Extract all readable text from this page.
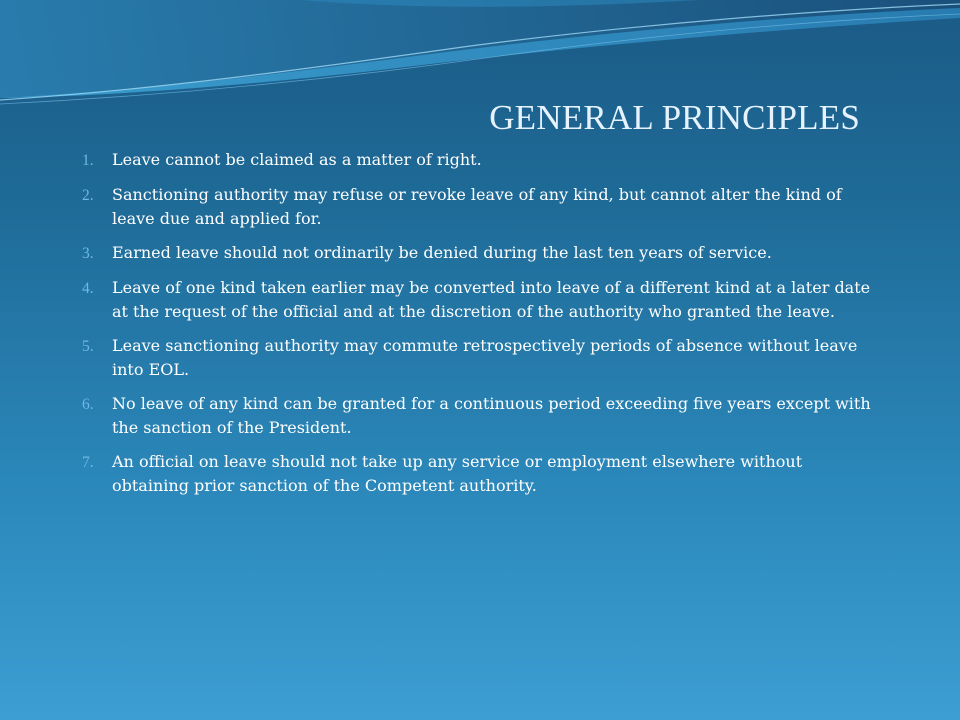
GENERAL PRINCIPLES
1.	Leave cannot be claimed as a matter of right.
2.	Sanctioning authority may refuse or revoke leave of any kind, but cannot alter the kind of leave due and applied for.
3.	Earned leave should not ordinarily be denied during the last ten years of service.
4.	Leave of one kind taken earlier may be converted into leave of a different kind at a later date at the request of the official and at the discretion of the authority who granted the leave.
5.	Leave sanctioning authority may commute retrospectively periods of absence without leave into EOL.
6.	No leave of any kind can be granted for a continuous period exceeding five years except with the sanction of the President.
7.	An official on leave should not take up any service or employment elsewhere without obtaining prior sanction of the Competent authority.
